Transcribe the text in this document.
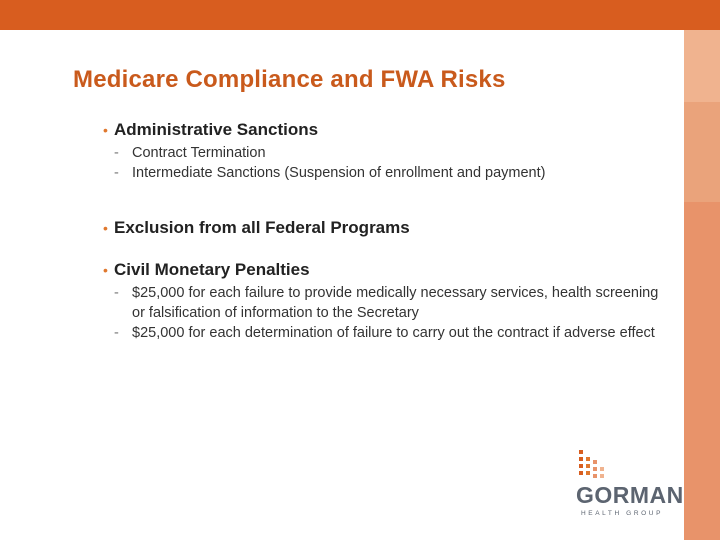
Medicare Compliance and FWA Risks
• Administrative Sanctions
- Contract Termination
- Intermediate Sanctions (Suspension of enrollment and payment)
• Exclusion from all Federal Programs
• Civil Monetary Penalties
- $25,000 for each failure to provide medically necessary services, health screening or falsification of information to the Secretary
- $25,000 for each determination of failure to carry out the contract if adverse effect
GORMAN
HEALTH GROUP
